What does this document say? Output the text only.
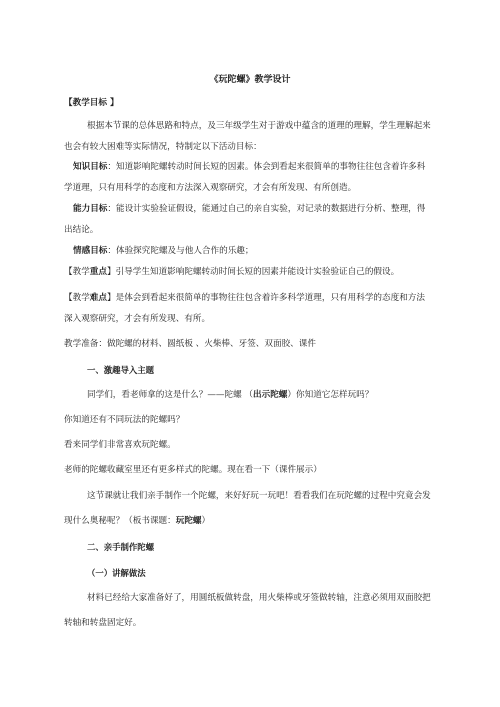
《玩陀螺》教学设计
【教学目标 】
根据本节课的总体思路和特点，及三年级学生对于游戏中蕴含的道理的理解，学生理解起来
也会有较大困难等实际情况，特制定以下活动目标：
知识目标：知道影响陀螺转动时间长短的因素。体会到看起来很简单的事物往往包含着许多科
学道理，只有用科学的态度和方法深入观察研究，才会有所发现、有所创造。
能力目标：能设计实验验证假设，能通过自己的亲自实验，对记录的数据进行分析、整理，得
出结论。
情感目标：体验探究陀螺及与他人合作的乐趣；
【教学重点】引导学生知道影响陀螺转动时间长短的因素并能设计实验验证自己的假设。
【教学难点】是体会到看起来很简单的事物往往包含着许多科学道理，只有用科学的态度和方法
深入观察研究，才会有所发现、有所。
教学准备：做陀螺的材料、圆纸板 、火柴棒、牙签、双面胶、课件
一、激趣导入主题
同学们，看老师拿的这是什么？——陀螺 （出示陀螺）你知道它怎样玩吗？
你知道还有不同玩法的陀螺吗？
看来同学们非常喜欢玩陀螺。
老师的陀螺收藏室里还有更多样式的陀螺。现在看一下（课件展示）
这节课就让我们亲手制作一个陀螺，来好好玩一玩吧！看看我们在玩陀螺的过程中究竟会发
现什么奥秘呢？（板书课题：玩陀螺）
二、亲手制作陀螺
（一）讲解做法
材料已经给大家准备好了，用圆纸板做转盘，用火柴棒或牙签做转轴，注意必须用双面胶把
转轴和转盘固定好。
